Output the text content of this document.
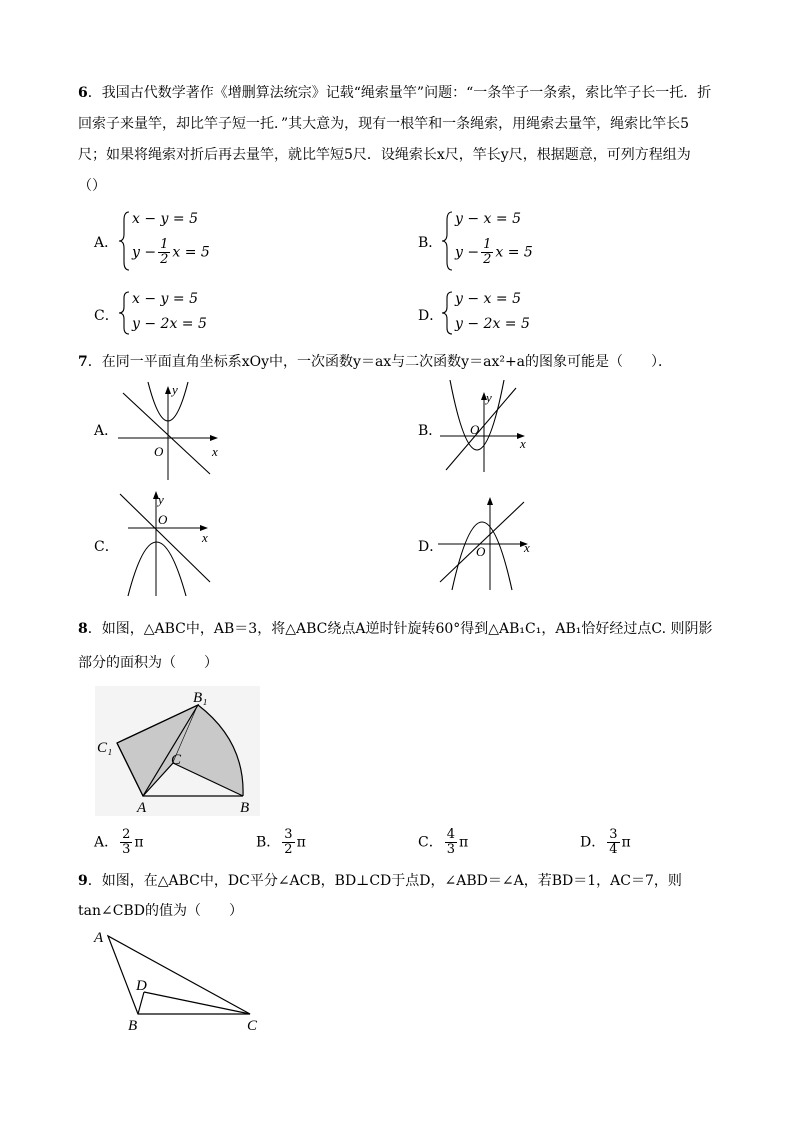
6．我国古代数学著作《增删算法统宗》记载“绳索量竿”问题：“一条竿子一条索，索比竿子长一托．折
回索子来量竿，却比竿子短一托．”其大意为，现有一根竿和一条绳索，用绳索去量竿，绳索比竿长5
尺；如果将绳索对折后再去量竿，就比竿短5尺．设绳索长x尺，竿长y尺，根据题意，可列方程组为
（）
A．
x − y = 5
$y - \frac{1}{2}$ x = 5
B．
y − x = 5
$y - \frac{1}{2}$ x = 5
C．
x − y = 5
y − 2x = 5	D．
y − x = 5
y − 2x = 5
7．在同一平面直角坐标系xOy中，一次函数y＝ax与二次函数y＝ax²+a的图象可能是（　　）．
A．
y
x
O
B．
y
x
O
C．
y
x
O
D．	O	x
8．如图，△ABC中，AB＝3，将△ABC绕点A逆时针旋转60°得到△AB₁C₁，AB₁恰好经过点C. 则阴影
部分的面积为（　　）
B₁
C₁
C
A	B
A． $\frac{2}{3}$ π	B． $\frac{3}{2}$ π	C． $\frac{4}{3}$ π	D． $\frac{3}{4}$ π
9．如图，在△ABC中，DC平分∠ACB，BD⊥CD于点D，∠ABD＝∠A，若BD＝1，AC＝7，则
tan∠CBD的值为（　　）
A
D
B	C
